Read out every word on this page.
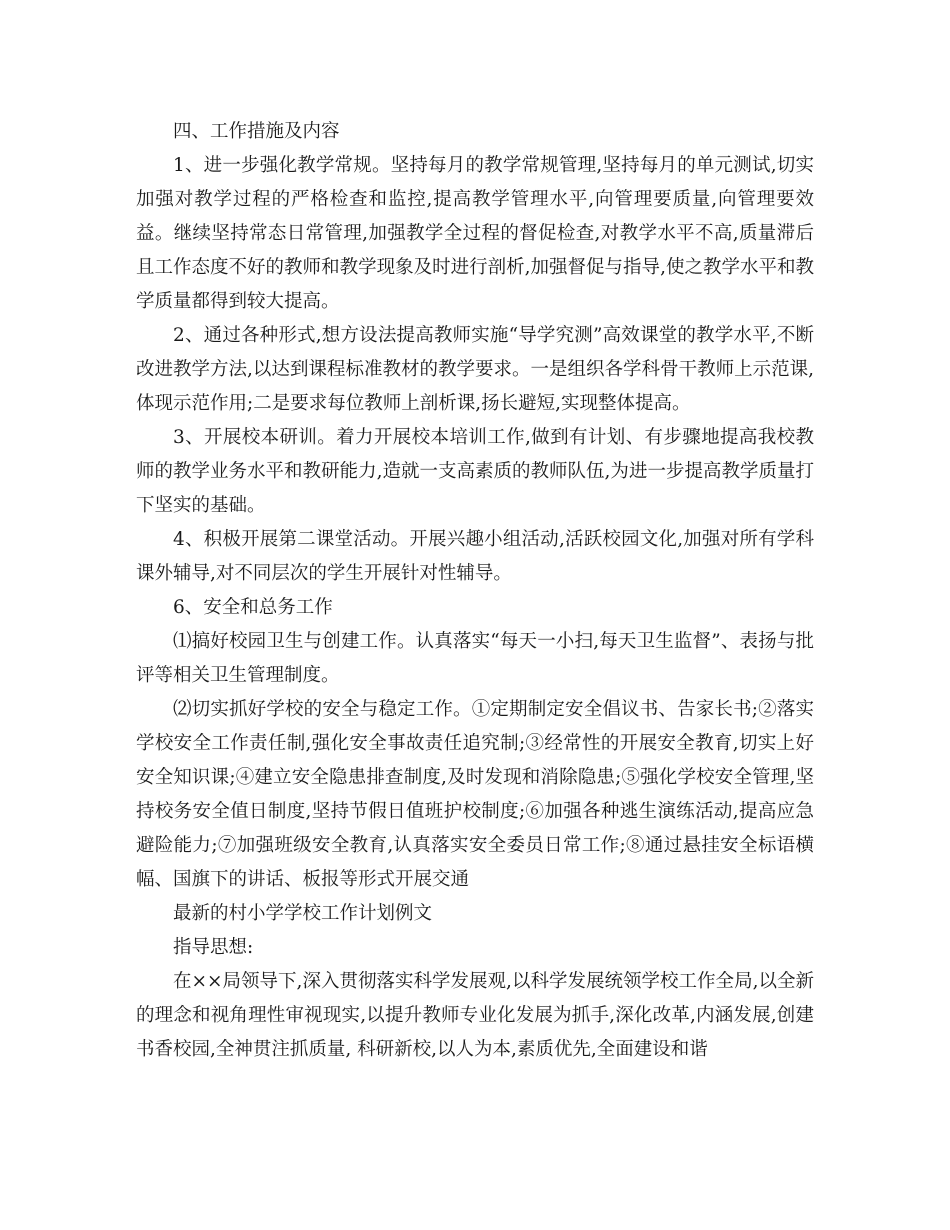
四、工作措施及内容

1、进一步强化教学常规。坚持每月的教学常规管理,坚持每月的单元测试,切实加强对教学过程的严格检查和监控,提高教学管理水平,向管理要质量,向管理要效益。继续坚持常态日常管理,加强教学全过程的督促检查,对教学水平不高,质量滞后且工作态度不好的教师和教学现象及时进行剖析,加强督促与指导,使之教学水平和教学质量都得到较大提高。

2、通过各种形式,想方设法提高教师实施“导学究测”高效课堂的教学水平,不断改进教学方法,以达到课程标准教材的教学要求。一是组织各学科骨干教师上示范课,体现示范作用;二是要求每位教师上剖析课,扬长避短,实现整体提高。

3、开展校本研训。着力开展校本培训工作,做到有计划、有步骤地提高我校教师的教学业务水平和教研能力,造就一支高素质的教师队伍,为进一步提高教学质量打下坚实的基础。

4、积极开展第二课堂活动。开展兴趣小组活动,活跃校园文化,加强对所有学科课外辅导,对不同层次的学生开展针对性辅导。

6、安全和总务工作

⑴搞好校园卫生与创建工作。认真落实“每天一小扫,每天卫生监督”、表扬与批评等相关卫生管理制度。

⑵切实抓好学校的安全与稳定工作。①定期制定安全倡议书、告家长书;②落实学校安全工作责任制,强化安全事故责任追究制;③经常性的开展安全教育,切实上好安全知识课;④建立安全隐患排查制度,及时发现和消除隐患;⑤强化学校安全管理,坚持校务安全值日制度,坚持节假日值班护校制度;⑥加强各种逃生演练活动,提高应急避险能力;⑦加强班级安全教育,认真落实安全委员日常工作;⑧通过悬挂安全标语横幅、国旗下的讲话、板报等形式开展交通

最新的村小学学校工作计划例文

指导思想:

在××局领导下,深入贯彻落实科学发展观,以科学发展统领学校工作全局,以全新的理念和视角理性审视现实,以提升教师专业化发展为抓手,深化改革,内涵发展,创建书香校园,全神贯注抓质量, 科研新校,以人为本,素质优先,全面建设和谐
